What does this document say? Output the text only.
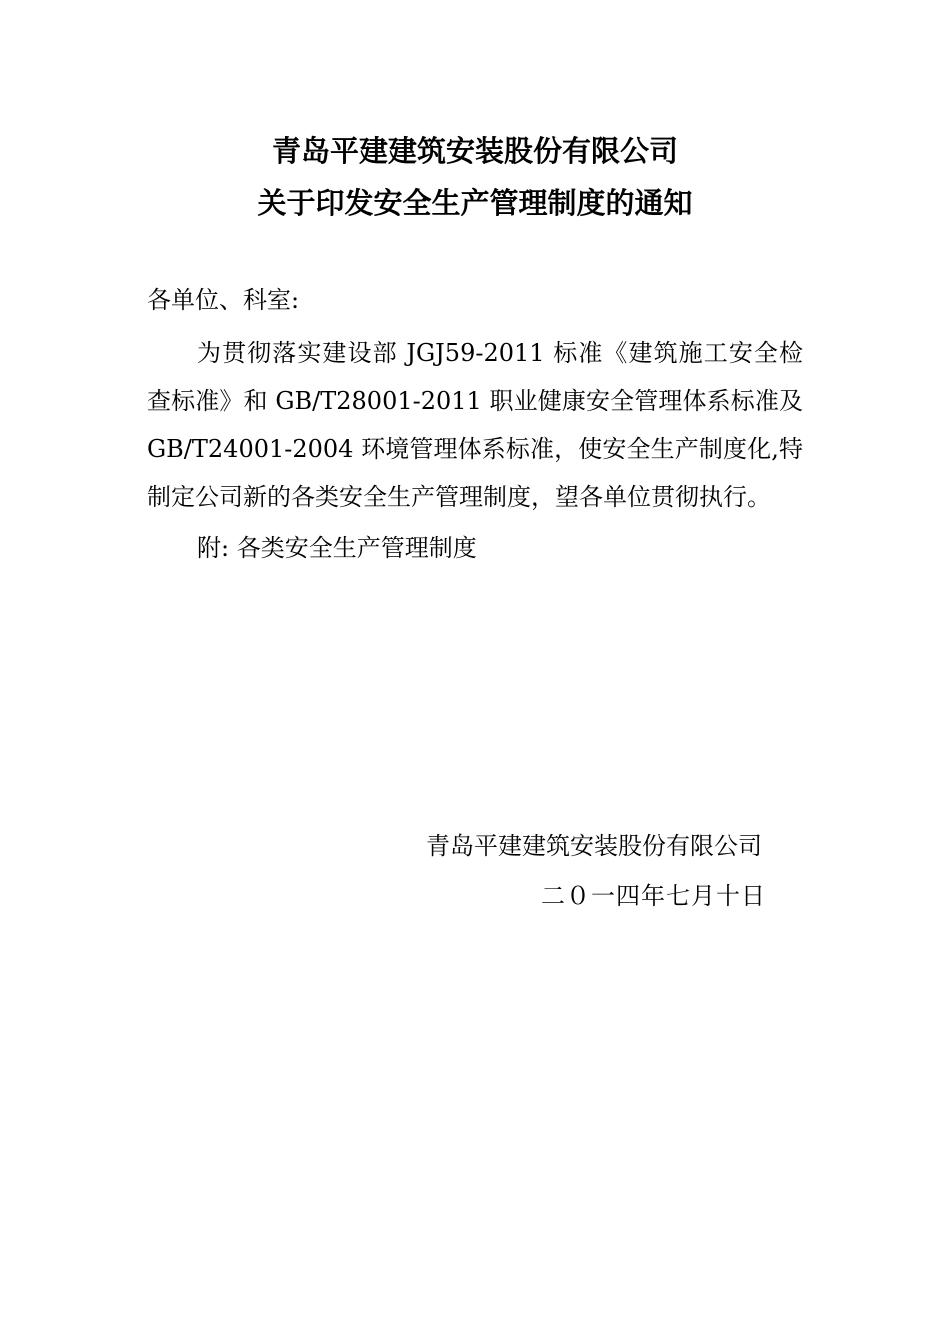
青岛平建建筑安装股份有限公司
关于印发安全生产管理制度的通知
各单位、科室:
为贯彻落实建设部 JGJ59-2011 标准《建筑施工安全检
查标准》和 GB/T28001-2011 职业健康安全管理体系标准及
GB/T24001-2004 环境管理体系标准，使安全生产制度化,特
制定公司新的各类安全生产管理制度，望各单位贯彻执行。
附: 各类安全生产管理制度
青岛平建建筑安装股份有限公司
二０一四年七月十日
